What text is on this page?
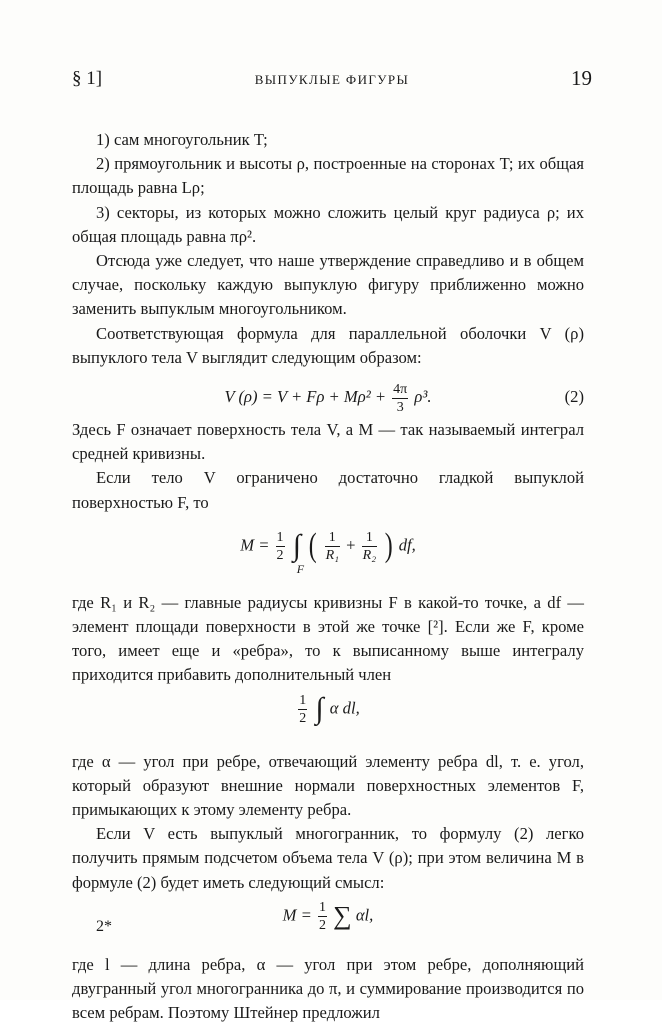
§ 1]	ВЫПУКЛЫЕ ФИГУРЫ	19

1) сам многоугольник T;

2) прямоугольник и высоты ρ, построенные на сторонах T; их общая площадь равна Lρ;

3) секторы, из которых можно сложить целый круг радиуса ρ; их общая площадь равна πρ².

Отсюда уже следует, что наше утверждение справедливо и в общем случае, поскольку каждую выпуклую фигуру приближенно можно заменить выпуклым многоугольником.

Соответствующая формула для параллельной оболочки V (ρ) выпуклого тела V выглядит следующим образом:

V $(\rho) = V + F\rho + M\rho^2 + \frac{4\pi}{3} \rho^3$.	(2)

Здесь F означает поверхность тела V, а M — так называемый интеграл средней кривизны.

Если тело V ограничено достаточно гладкой выпуклой поверхностью F, то

$M = \frac{1}{2}$ ∫
F
( $\frac{1}{\text{R₁}} + \frac{1}{\text{R₂}}$ ) df,

где R₁ и R₂ — главные радиусы кривизны F в какой-то точке, а df — элемент площади поверхности в этой же точке [²]. Если же F, кроме того, имеет еще и «ребра», то к выписанному выше интегралу приходится прибавить дополнительный член

$\frac{1}{2}$ ∫ α dl,

где α — угол при ребре, отвечающий элементу ребра dl, т. е. угол, который образуют внешние нормали поверхностных элементов F, примыкающих к этому элементу ребра.

Если V есть выпуклый многогранник, то формулу (2) легко получить прямым подсчетом объема тела V (ρ); при этом величина M в формуле (2) будет иметь следующий смысл:

$M = \frac{1}{2}$ ∑ αl,

где l — длина ребра, α — угол при этом ребре, дополняющий двугранный угол многогранника до π, и суммирование производится по всем ребрам. Поэтому Штейнер предложил

2*
